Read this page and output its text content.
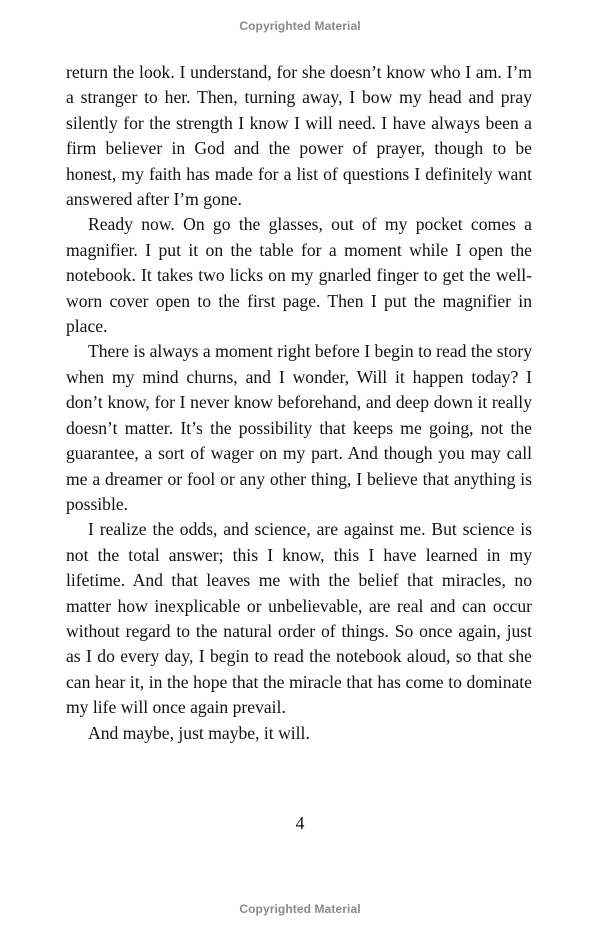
Copyrighted Material

return the look. I understand, for she doesn’t know who I am. I’m a stranger to her. Then, turning away, I bow my head and pray silently for the strength I know I will need. I have always been a firm believer in God and the power of prayer, though to be honest, my faith has made for a list of questions I definitely want answered after I’m gone.

Ready now. On go the glasses, out of my pocket comes a magnifier. I put it on the table for a moment while I open the notebook. It takes two licks on my gnarled finger to get the well-worn cover open to the first page. Then I put the magnifier in place.

There is always a moment right before I begin to read the story when my mind churns, and I wonder, Will it happen today? I don’t know, for I never know beforehand, and deep down it really doesn’t matter. It’s the possibility that keeps me going, not the guarantee, a sort of wager on my part. And though you may call me a dreamer or fool or any other thing, I believe that anything is possible.

I realize the odds, and science, are against me. But science is not the total answer; this I know, this I have learned in my lifetime. And that leaves me with the belief that miracles, no matter how inexplicable or unbelievable, are real and can occur without regard to the natural order of things. So once again, just as I do every day, I begin to read the notebook aloud, so that she can hear it, in the hope that the miracle that has come to dominate my life will once again prevail.

And maybe, just maybe, it will.

4
Copyrighted Material
